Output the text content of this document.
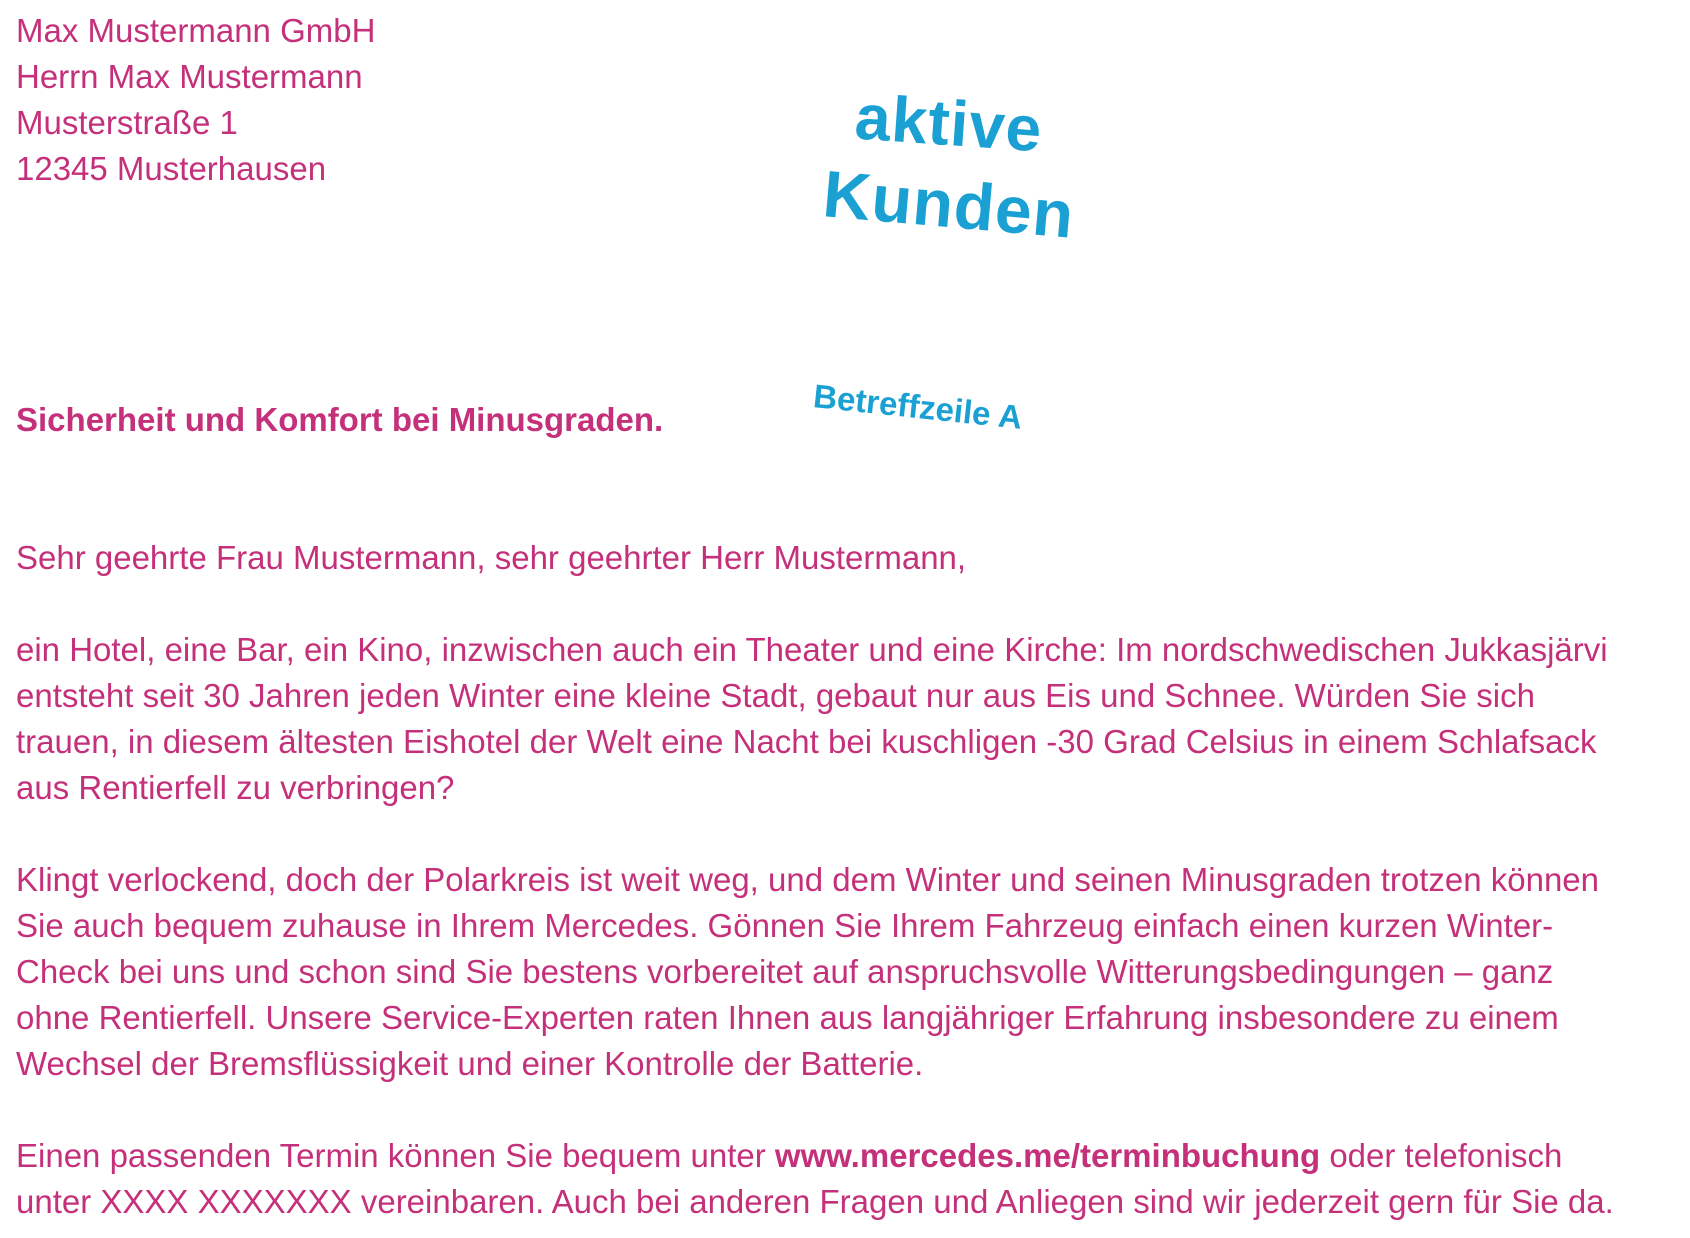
Max Mustermann GmbH
Herrn Max Mustermann
Musterstraße 1
12345 Musterhausen
aktive
Kunden
Betreffzeile A
Sicherheit und Komfort bei Minusgraden.

Sehr geehrte Frau Mustermann, sehr geehrter Herr Mustermann,

ein Hotel, eine Bar, ein Kino, inzwischen auch ein Theater und eine Kirche: Im nordschwedischen Jukkasjärvi
entsteht seit 30 Jahren jeden Winter eine kleine Stadt, gebaut nur aus Eis und Schnee. Würden Sie sich
trauen, in diesem ältesten Eishotel der Welt eine Nacht bei kuschligen -30 Grad Celsius in einem Schlafsack
aus Rentierfell zu verbringen?

Klingt verlockend, doch der Polarkreis ist weit weg, und dem Winter und seinen Minusgraden trotzen können
Sie auch bequem zuhause in Ihrem Mercedes. Gönnen Sie Ihrem Fahrzeug einfach einen kurzen Winter-
Check bei uns und schon sind Sie bestens vorbereitet auf anspruchsvolle Witterungsbedingungen – ganz
ohne Rentierfell. Unsere Service-Experten raten Ihnen aus langjähriger Erfahrung insbesondere zu einem
Wechsel der Bremsflüssigkeit und einer Kontrolle der Batterie.

Einen passenden Termin können Sie bequem unter www.mercedes.me/terminbuchung oder telefonisch
unter XXXX XXXXXXX vereinbaren. Auch bei anderen Fragen und Anliegen sind wir jederzeit gern für Sie da.
